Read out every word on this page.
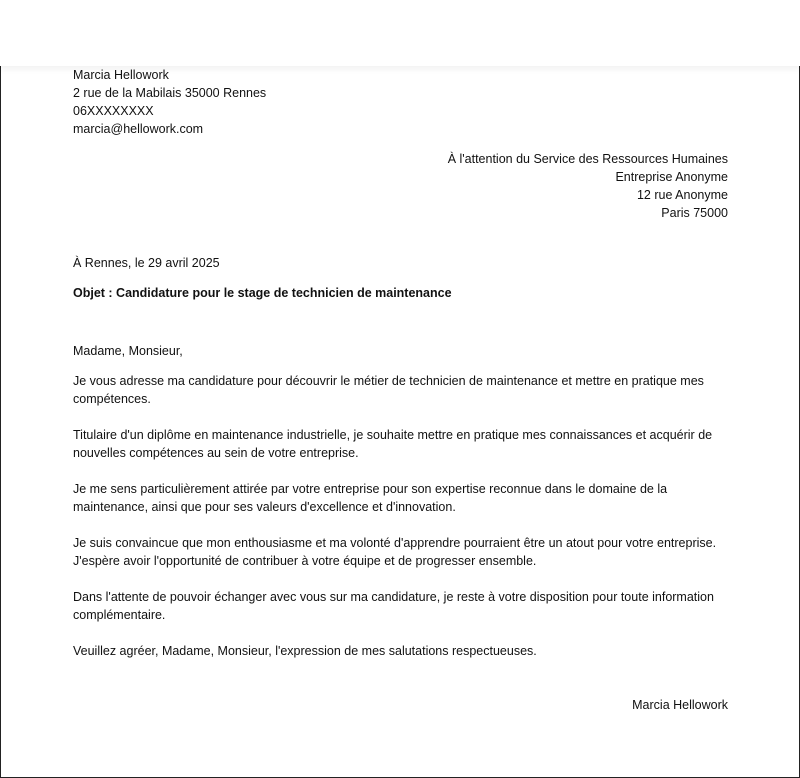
Marcia Hellowork
2 rue de la Mabilais 35000 Rennes
06XXXXXXXX
marcia@hellowork.com
À l'attention du Service des Ressources Humaines
Entreprise Anonyme
12 rue Anonyme
Paris 75000
À Rennes, le 29 avril 2025
Objet : Candidature pour le stage de technicien de maintenance
Madame, Monsieur,

Je vous adresse ma candidature pour découvrir le métier de technicien de maintenance et mettre en pratique mes compétences.

Titulaire d'un diplôme en maintenance industrielle, je souhaite mettre en pratique mes connaissances et acquérir de nouvelles compétences au sein de votre entreprise.

Je me sens particulièrement attirée par votre entreprise pour son expertise reconnue dans le domaine de la maintenance, ainsi que pour ses valeurs d'excellence et d'innovation.

Je suis convaincue que mon enthousiasme et ma volonté d'apprendre pourraient être un atout pour votre entreprise. J'espère avoir l'opportunité de contribuer à votre équipe et de progresser ensemble.

Dans l'attente de pouvoir échanger avec vous sur ma candidature, je reste à votre disposition pour toute information complémentaire.

Veuillez agréer, Madame, Monsieur, l'expression de mes salutations respectueuses.

Marcia Hellowork
